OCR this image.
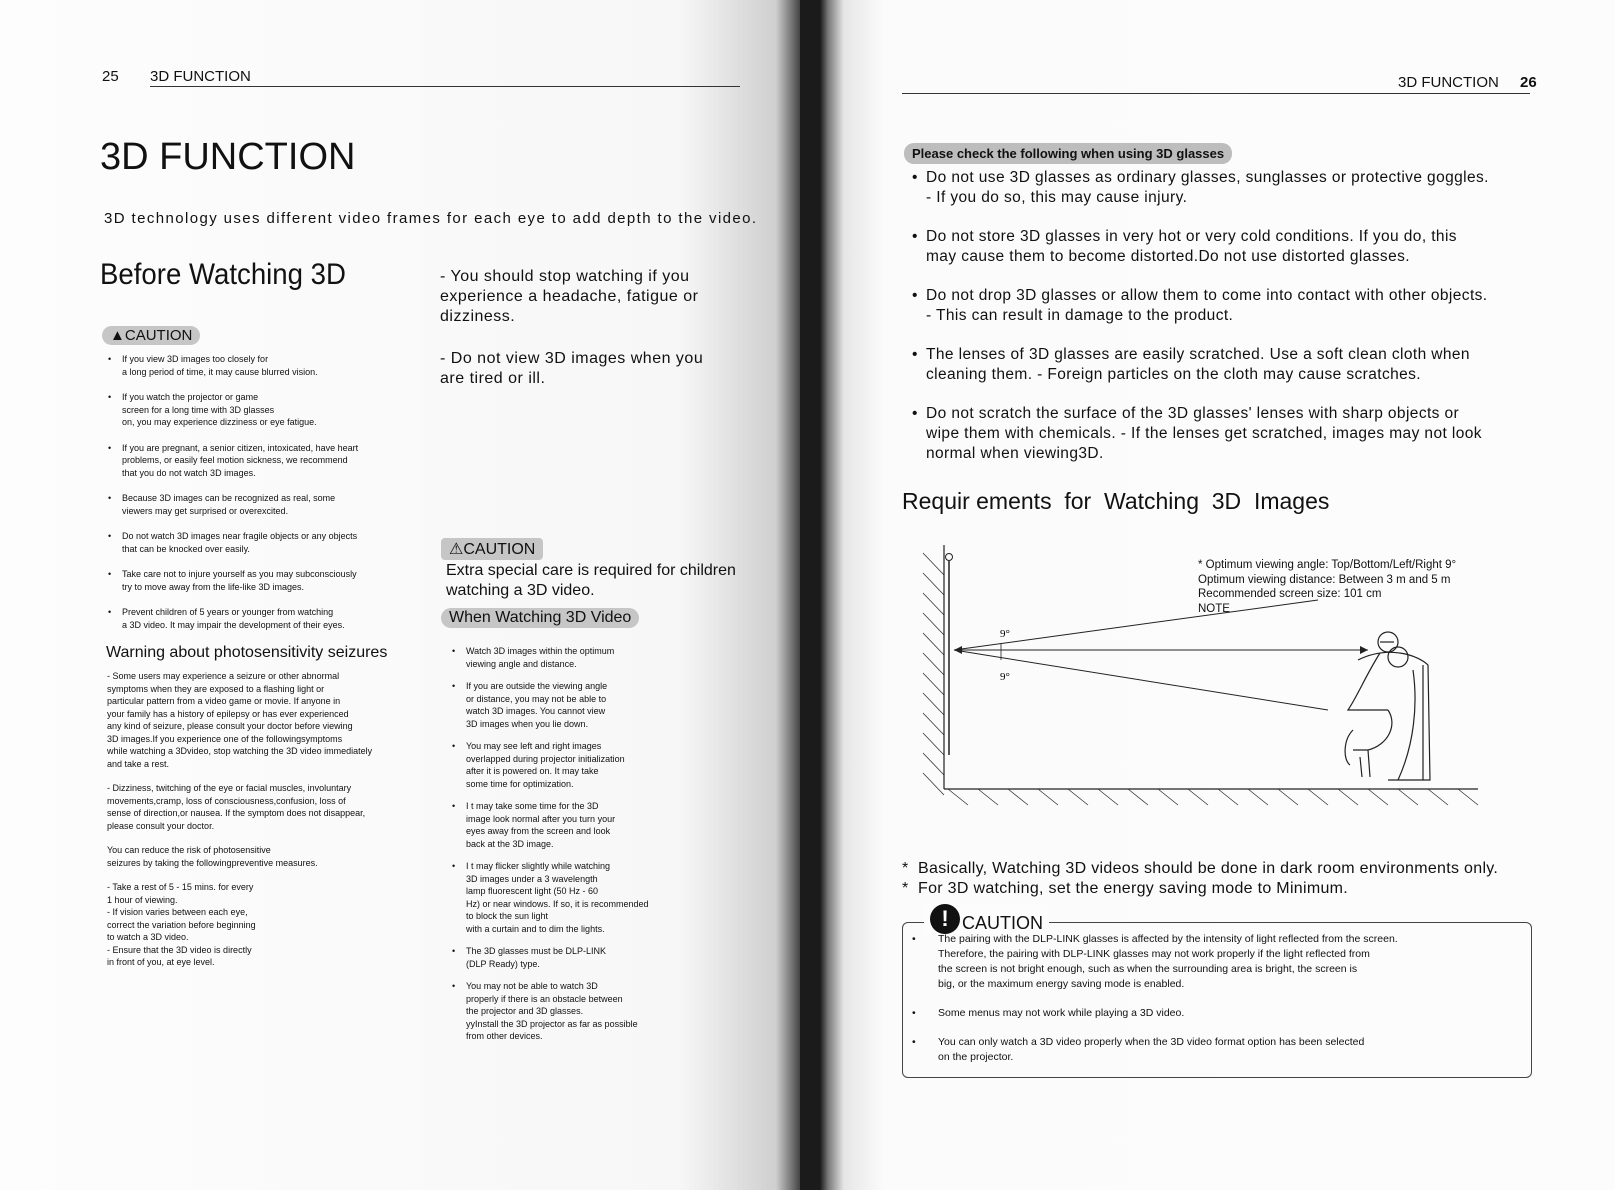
25 3D FUNCTION
3D FUNCTION
3D technology uses different video frames for each eye to add depth to the video.
Before Watching 3D
▲CAUTION
• If you view 3D images too closely for
a long period of time, it may cause blurred vision.
• If you watch the projector or game
screen for a long time with 3D glasses
on, you may experience dizziness or eye fatigue.
• If you are pregnant, a senior citizen, intoxicated, have heart
problems, or easily feel motion sickness, we recommend
that you do not watch 3D images.
• Because 3D images can be recognized as real, some
viewers may get surprised or overexcited.
• Do not watch 3D images near fragile objects or any objects
that can be knocked over easily.
• Take care not to injure yourself as you may subconsciously
try to move away from the life-like 3D images.
• Prevent children of 5 years or younger from watching
a 3D video. It may impair the development of their eyes.
Warning about photosensitivity seizures
- Some users may experience a seizure or other abnormal
symptoms when they are exposed to a flashing light or
particular pattern from a video game or movie. If anyone in
your family has a history of epilepsy or has ever experienced
any kind of seizure, please consult your doctor before viewing
3D images.If you experience one of the followingsymptoms
while watching a 3Dvideo, stop watching the 3D video immediately
and take a rest.
- Dizziness, twitching of the eye or facial muscles, involuntary
movements,cramp, loss of consciousness,confusion, loss of
sense of direction,or nausea. If the symptom does not disappear,
please consult your doctor.
You can reduce the risk of photosensitive
seizures by taking the followingpreventive measures.
- Take a rest of 5 - 15 mins. for every
1 hour of viewing.
- If vision varies between each eye,
correct the variation before beginning
to watch a 3D video.
- Ensure that the 3D video is directly
in front of you, at eye level.
- You should stop watching if you
experience a headache, fatigue or
dizziness.
- Do not view 3D images when you
are tired or ill.
⚠CAUTION
Extra special care is required for children
watching a 3D video.
When Watching 3D Video
• Watch 3D images within the optimum
viewing angle and distance.
• If you are outside the viewing angle
or distance, you may not be able to
watch 3D images. You cannot view
3D images when you lie down.
• You may see left and right images
overlapped during projector initialization
after it is powered on. It may take
some time for optimization.
• I t may take some time for the 3D
image look normal after you turn your
eyes away from the screen and look
back at the 3D image.
• I t may flicker slightly while watching
3D images under a 3 wavelength
lamp fluorescent light (50 Hz - 60
Hz) or near windows. If so, it is recommended
to block the sun light
with a curtain and to dim the lights.
• The 3D glasses must be DLP-LINK
(DLP Ready) type.
• You may not be able to watch 3D
properly if there is an obstacle between
the projector and 3D glasses.
yyInstall the 3D projector as far as possible
from other devices.
3D FUNCTION 26
Please check the following when using 3D glasses
• Do not use 3D glasses as ordinary glasses, sunglasses or protective goggles.
- If you do so, this may cause injury.
• Do not store 3D glasses in very hot or very cold conditions. If you do, this
may cause them to become distorted.Do not use distorted glasses.
• Do not drop 3D glasses or allow them to come into contact with other objects.
- This can result in damage to the product.
• The lenses of 3D glasses are easily scratched. Use a soft clean cloth when
cleaning them. - Foreign particles on the cloth may cause scratches.
• Do not scratch the surface of the 3D glasses' lenses with sharp objects or
wipe them with chemicals. - If the lenses get scratched, images may not look
normal when viewing3D.
Requir ements  for  Watching  3D  Images
9°
9°
* Optimum viewing angle: Top/Bottom/Left/Right 9°
Optimum viewing distance: Between 3 m and 5 m
Recommended screen size: 101 cm
NOTE
*  Basically, Watching 3D videos should be done in dark room environments only.
*  For 3D watching, set the energy saving mode to Minimum.
! CAUTION
• The pairing with the DLP-LINK glasses is affected by the intensity of light reflected from the screen.
Therefore, the pairing with DLP-LINK glasses may not work properly if the light reflected from
the screen is not bright enough, such as when the surrounding area is bright, the screen is
big, or the maximum energy saving mode is enabled.
• Some menus may not work while playing a 3D video.
• You can only watch a 3D video properly when the 3D video format option has been selected
on the projector.
